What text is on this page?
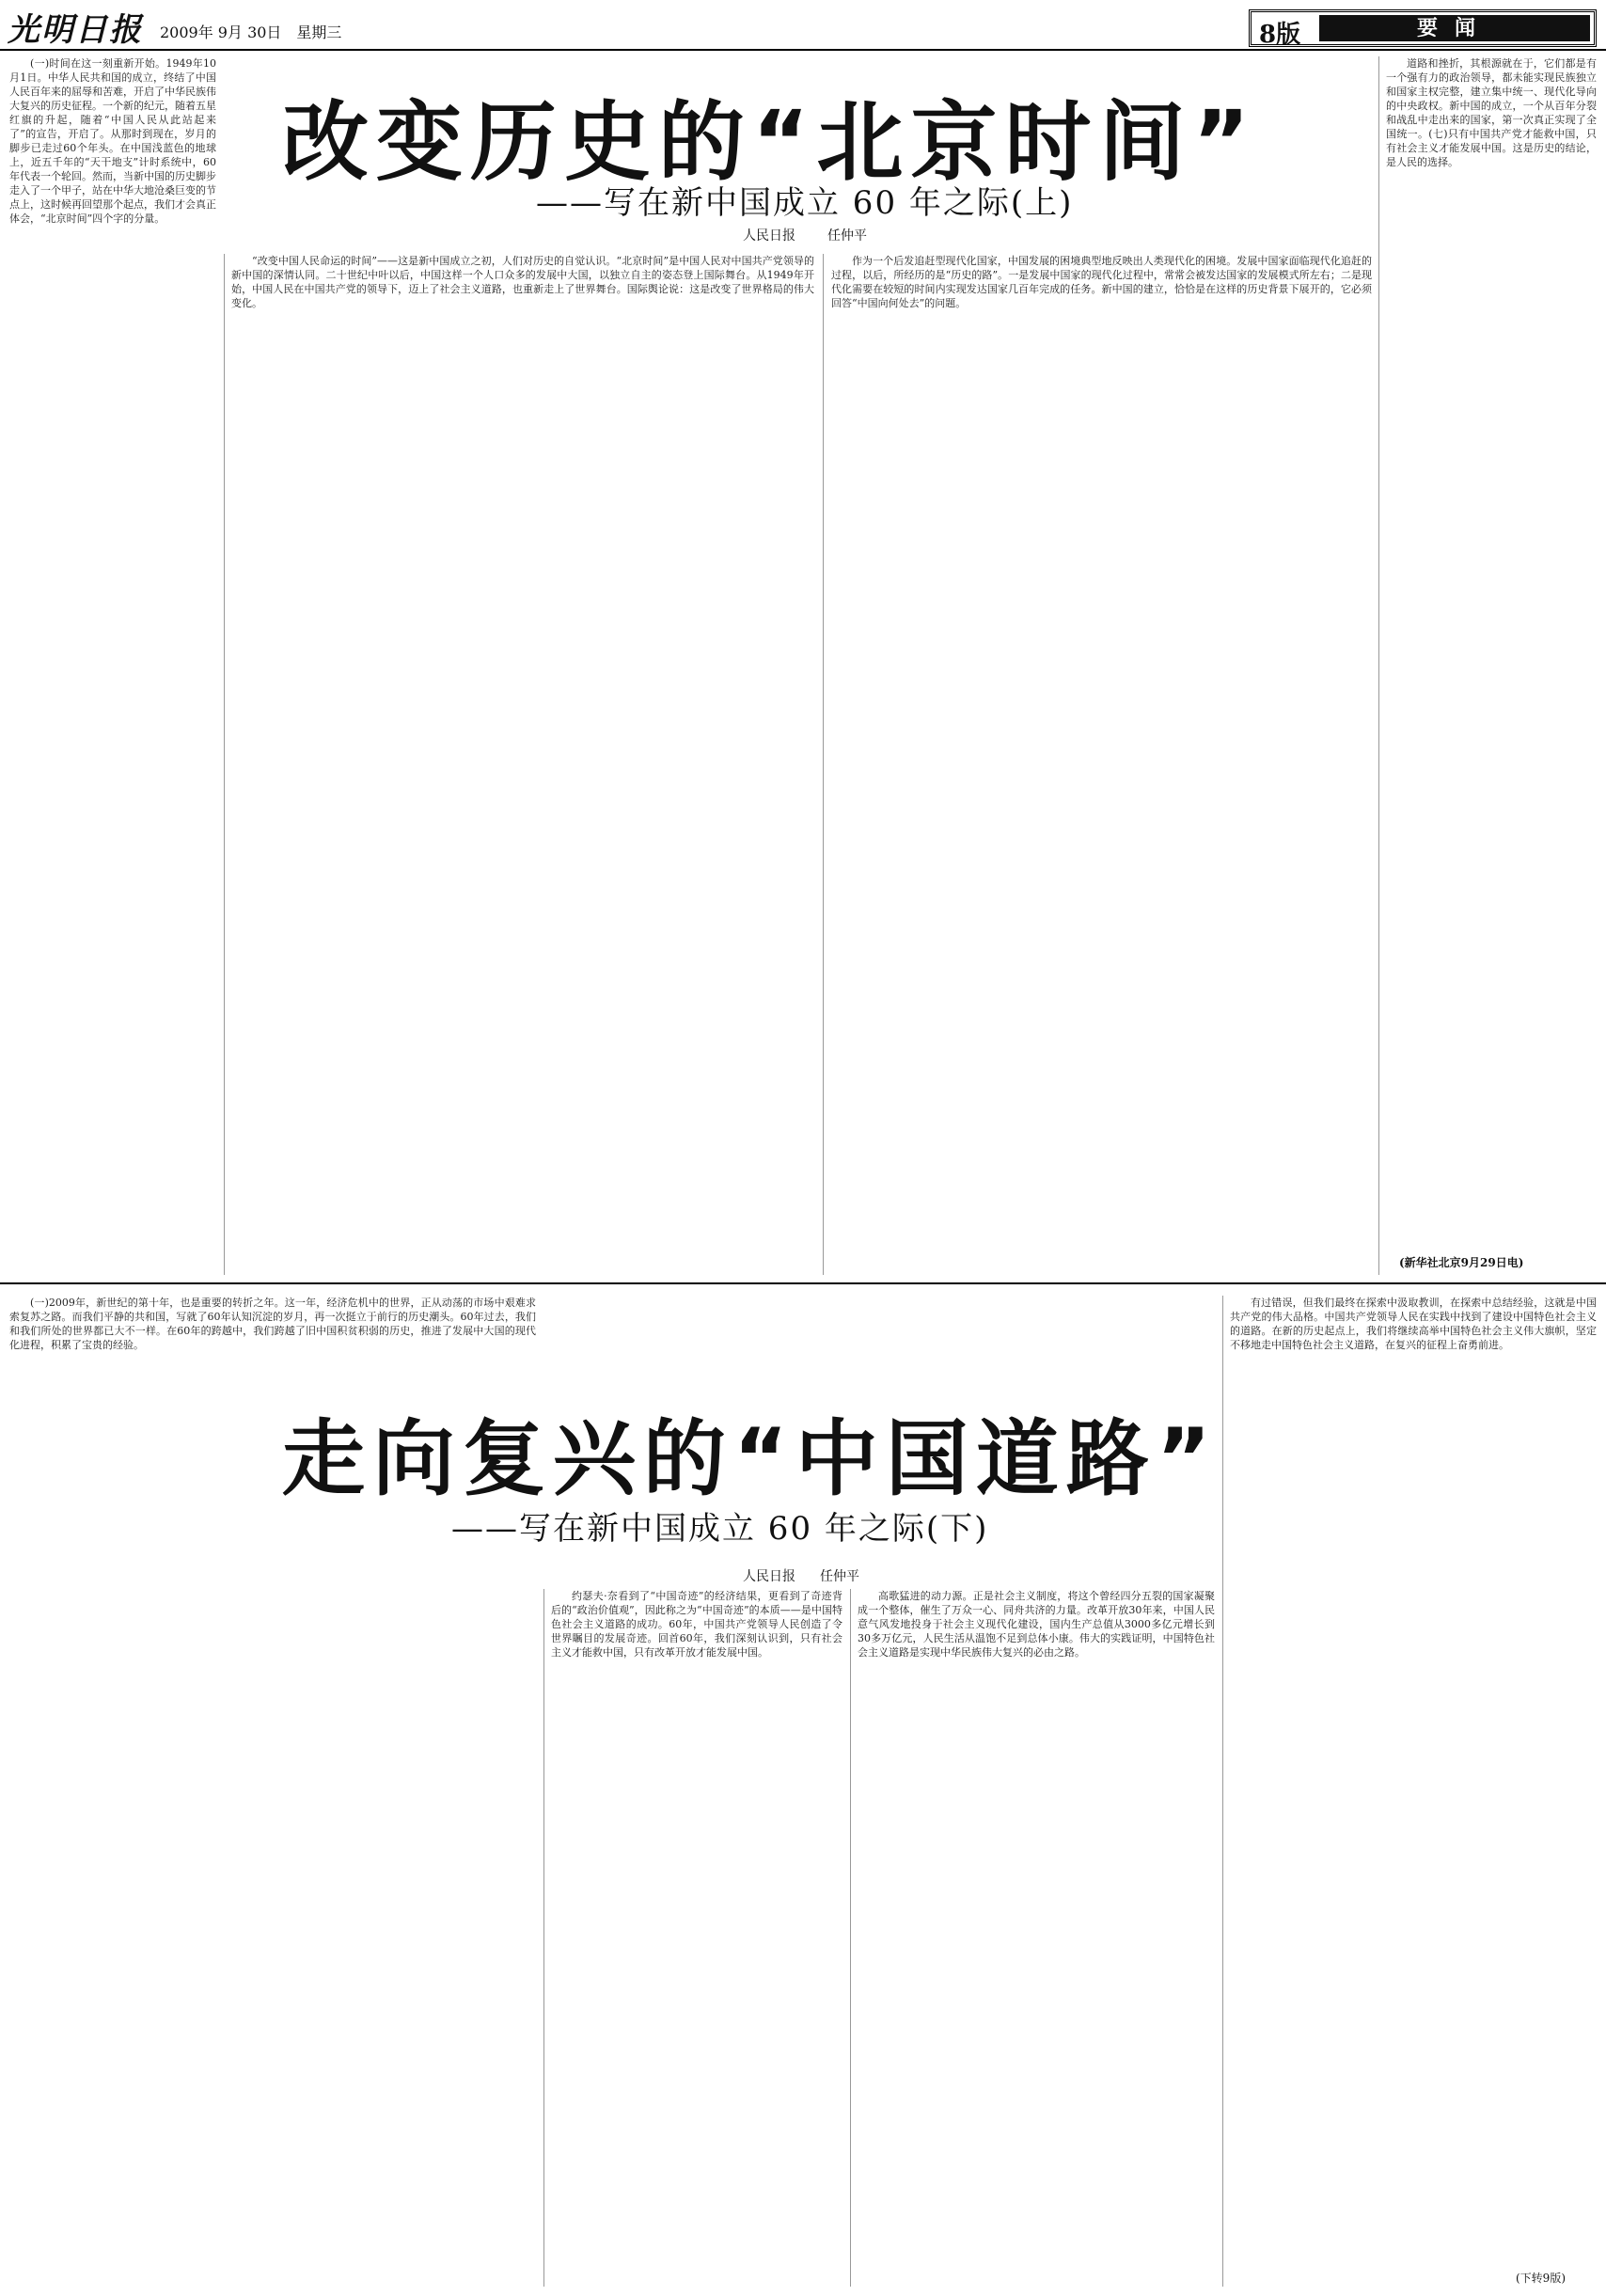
光明日报 2009年 9月 30日　星期三	8版	要闻
改变历史的“北京时间”
——写在新中国成立 60 年之际(上)
人民日报 任仲平

(一)时间在这一刻重新开始。1949年10月1日。中华人民共和国的成立，终结了中国人民百年来的屈辱和苦难，开启了中华民族伟大复兴的历史征程。一个新的纪元，随着五星红旗的升起，随着“中国人民从此站起来了”的宣告，开启了。从那时到现在，岁月的脚步已走过60个年头。在中国浅蓝色的地球上，近五千年的“天干地支”计时系统中，60年代表一个轮回。然而，当新中国的历史脚步走入了一个甲子，站在中华大地沧桑巨变的节点上，这时候再回望那个起点，我们才会真正体会，“北京时间”四个字的分量。

“改变中国人民命运的时间”——这是新中国成立之初，人们对历史的自觉认识。“北京时间”是中国人民对中国共产党领导的新中国的深情认同。二十世纪中叶以后，中国这样一个人口众多的发展中大国，以独立自主的姿态登上国际舞台。从1949年开始，中国人民在中国共产党的领导下，迈上了社会主义道路，也重新走上了世界舞台。国际舆论说：这是改变了世界格局的伟大变化。

作为一个后发追赶型现代化国家，中国发展的困境典型地反映出人类现代化的困境。发展中国家面临现代化追赶的过程，以后，所经历的是“历史的路”。一是发展中国家的现代化过程中，常常会被发达国家的发展模式所左右；二是现代化需要在较短的时间内实现发达国家几百年完成的任务。新中国的建立，恰恰是在这样的历史背景下展开的，它必须回答“中国向何处去”的问题。

道路和挫折，其根源就在于，它们都是有一个强有力的政治领导，都未能实现民族独立和国家主权完整，建立集中统一、现代化导向的中央政权。新中国的成立，一个从百年分裂和战乱中走出来的国家，第一次真正实现了全国统一。(七)只有中国共产党才能救中国，只有社会主义才能发展中国。这是历史的结论，是人民的选择。

(新华社北京9月29日电)
走向复兴的“中国道路”
——写在新中国成立 60 年之际(下)
人民日报 任仲平

(一)2009年，新世纪的第十年，也是重要的转折之年。这一年，经济危机中的世界，正从动荡的市场中艰难求索复苏之路。而我们平静的共和国，写就了60年认知沉淀的岁月，再一次挺立于前行的历史潮头。60年过去，我们和我们所处的世界都已大不一样。在60年的跨越中，我们跨越了旧中国积贫积弱的历史，推进了发展中大国的现代化进程，积累了宝贵的经验。

约瑟夫·奈看到了“中国奇迹”的经济结果，更看到了奇迹背后的“政治价值观”，因此称之为“中国奇迹”的本质——是中国特色社会主义道路的成功。60年，中国共产党领导人民创造了令世界瞩目的发展奇迹。回首60年，我们深刻认识到，只有社会主义才能救中国，只有改革开放才能发展中国。

高歌猛进的动力源。正是社会主义制度，将这个曾经四分五裂的国家凝聚成一个整体，催生了万众一心、同舟共济的力量。改革开放30年来，中国人民意气风发地投身于社会主义现代化建设，国内生产总值从3000多亿元增长到30多万亿元，人民生活从温饱不足到总体小康。伟大的实践证明，中国特色社会主义道路是实现中华民族伟大复兴的必由之路。

有过错误，但我们最终在探索中汲取教训，在探索中总结经验，这就是中国共产党的伟大品格。中国共产党领导人民在实践中找到了建设中国特色社会主义的道路。在新的历史起点上，我们将继续高举中国特色社会主义伟大旗帜，坚定不移地走中国特色社会主义道路，在复兴的征程上奋勇前进。

(下转9版)
